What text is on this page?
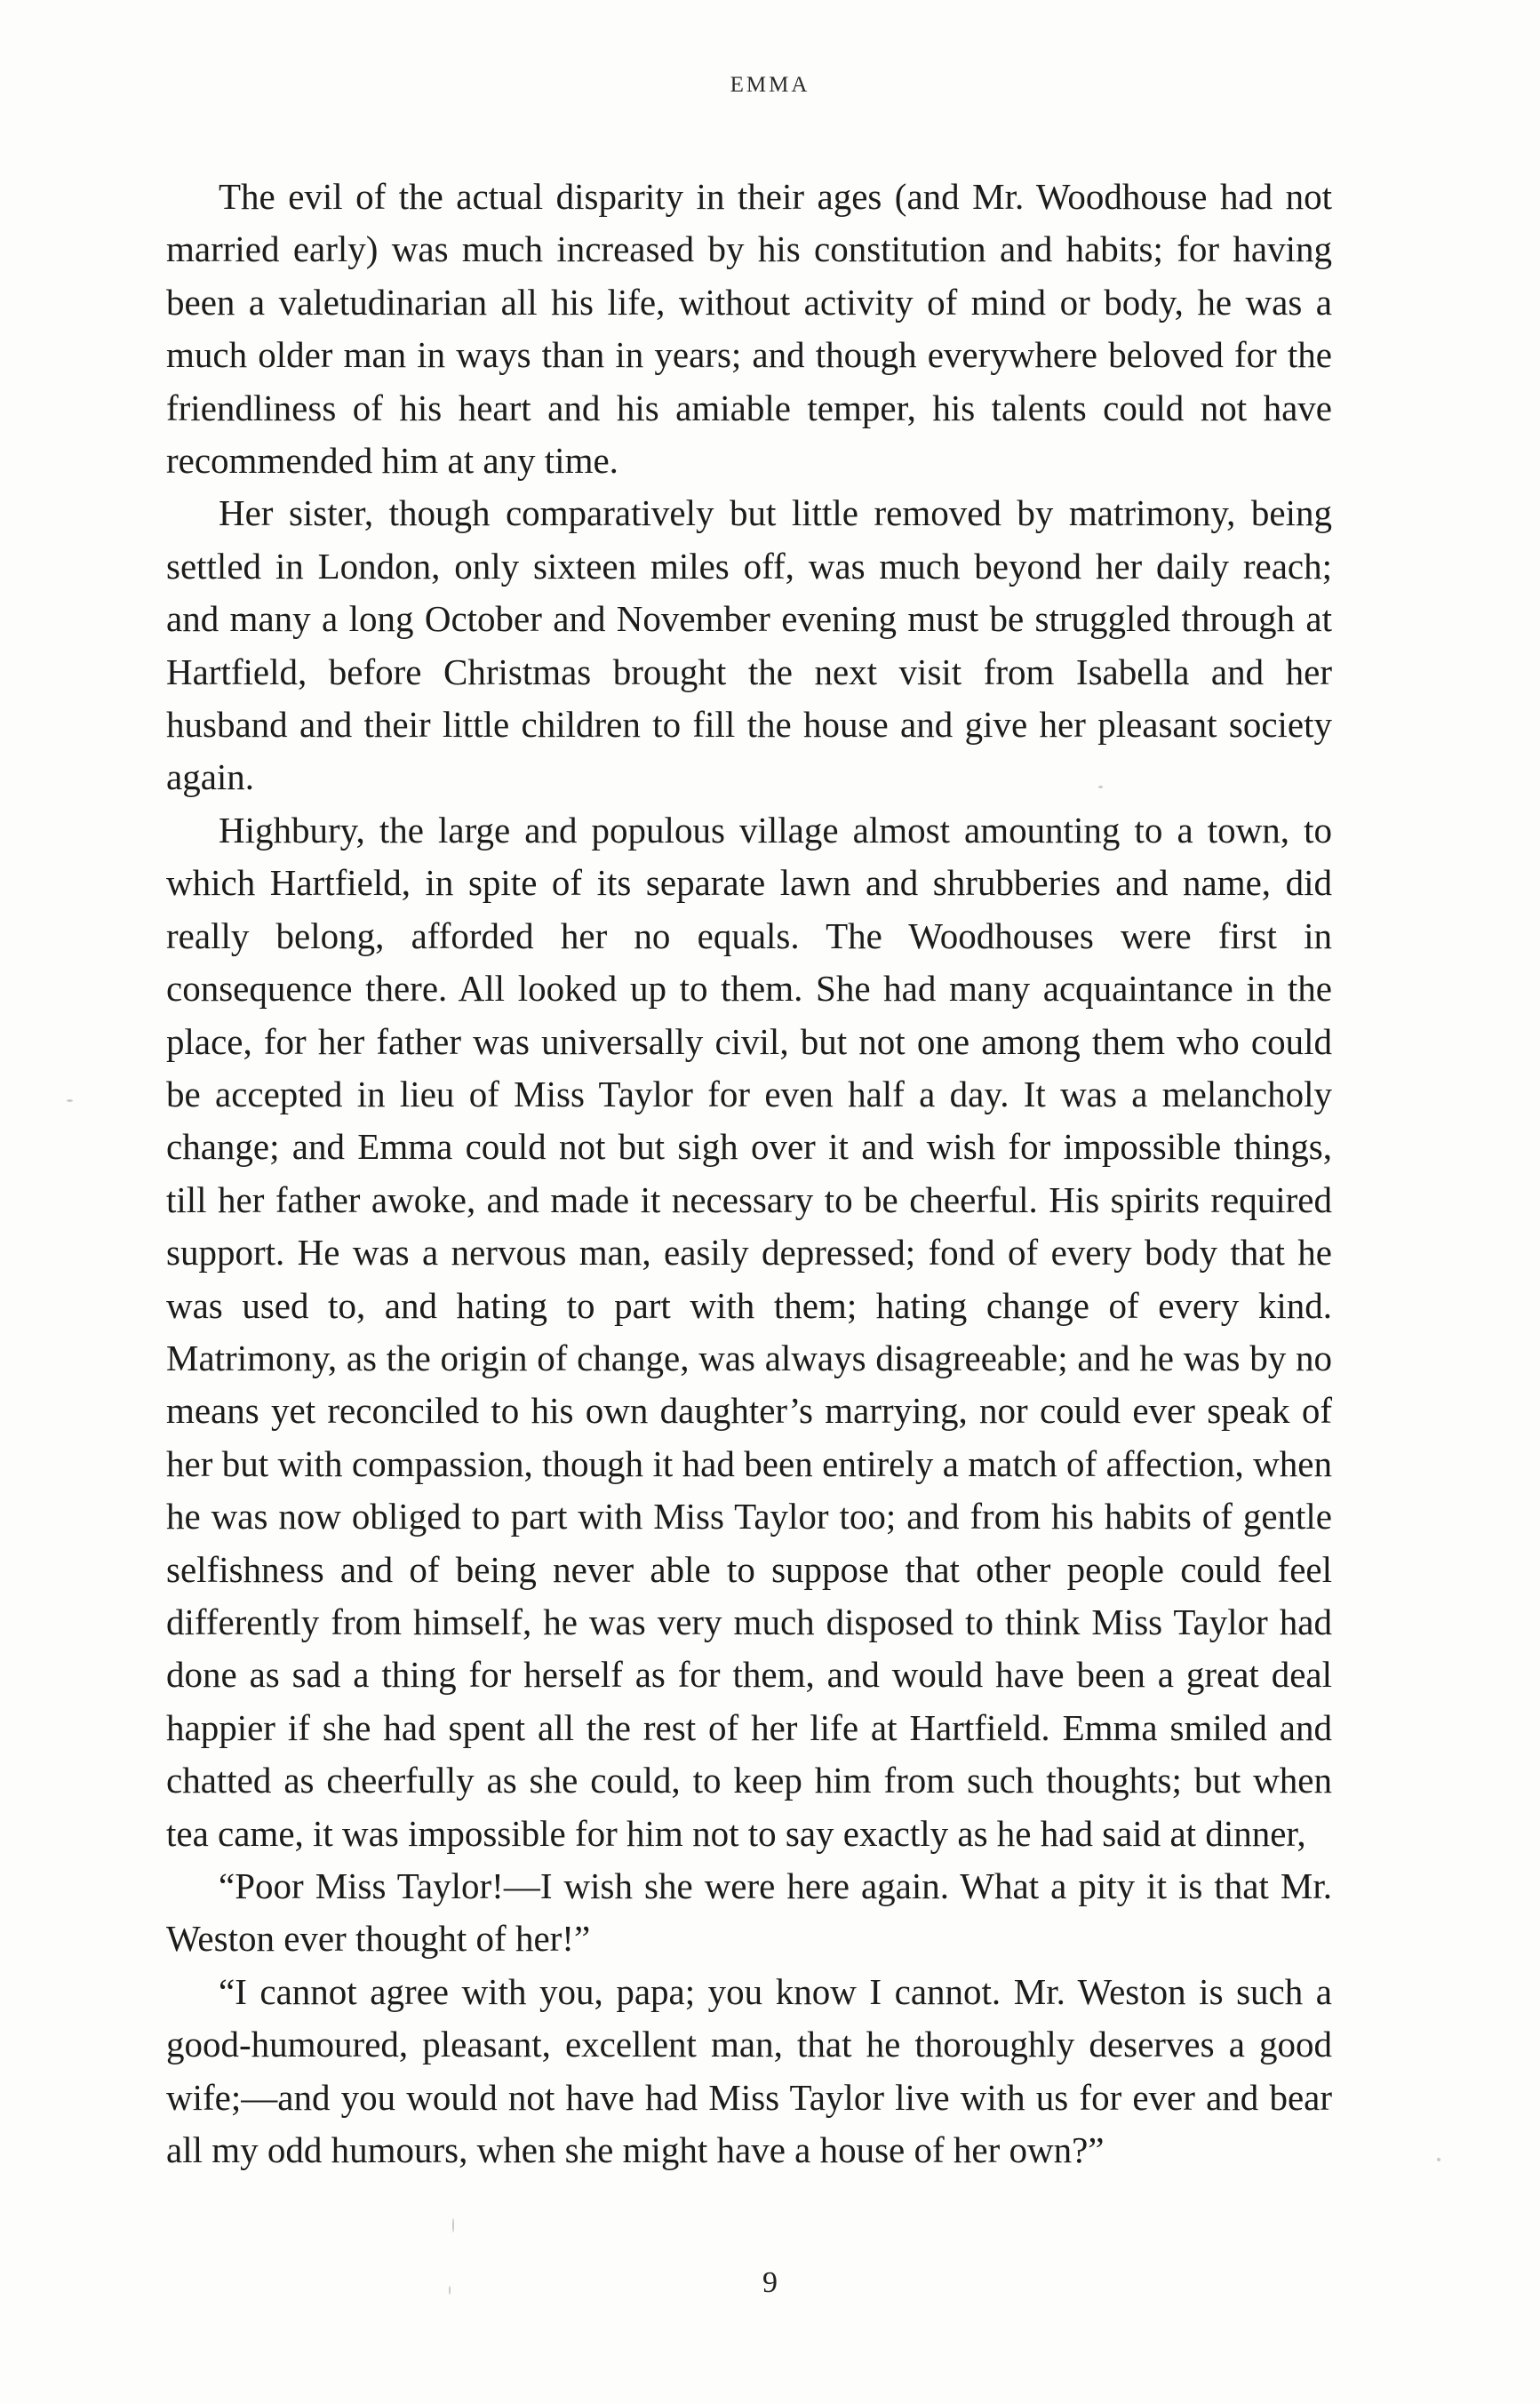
EMMA

The evil of the actual disparity in their ages (and Mr. Woodhouse had not married early) was much increased by his constitution and habits; for having been a valetudinarian all his life, without activity of mind or body, he was a much older man in ways than in years; and though everywhere beloved for the friendliness of his heart and his amiable temper, his talents could not have recommended him at any time.

Her sister, though comparatively but little removed by matrimony, being settled in London, only sixteen miles off, was much beyond her daily reach; and many a long October and November evening must be struggled through at Hartfield, before Christmas brought the next visit from Isabella and her husband and their little children to fill the house and give her pleasant society again.

Highbury, the large and populous village almost amounting to a town, to which Hartfield, in spite of its separate lawn and shrubberies and name, did really belong, afforded her no equals. The Woodhouses were first in consequence there. All looked up to them. She had many acquaintance in the place, for her father was universally civil, but not one among them who could be accepted in lieu of Miss Taylor for even half a day. It was a melancholy change; and Emma could not but sigh over it and wish for impossible things, till her father awoke, and made it necessary to be cheerful. His spirits required support. He was a nervous man, easily depressed; fond of every body that he was used to, and hating to part with them; hating change of every kind. Matrimony, as the origin of change, was always disagreeable; and he was by no means yet reconciled to his own daughter’s marrying, nor could ever speak of her but with compassion, though it had been entirely a match of affection, when he was now obliged to part with Miss Taylor too; and from his habits of gentle selfishness and of being never able to suppose that other people could feel differently from himself, he was very much disposed to think Miss Taylor had done as sad a thing for herself as for them, and would have been a great deal happier if she had spent all the rest of her life at Hartfield. Emma smiled and chatted as cheerfully as she could, to keep him from such thoughts; but when tea came, it was impossible for him not to say exactly as he had said at dinner,

“Poor Miss Taylor!—I wish she were here again. What a pity it is that Mr. Weston ever thought of her!”

“I cannot agree with you, papa; you know I cannot. Mr. Weston is such a good-humoured, pleasant, excellent man, that he thoroughly deserves a good wife;—and you would not have had Miss Taylor live with us for ever and bear all my odd humours, when she might have a house of her own?”

9
